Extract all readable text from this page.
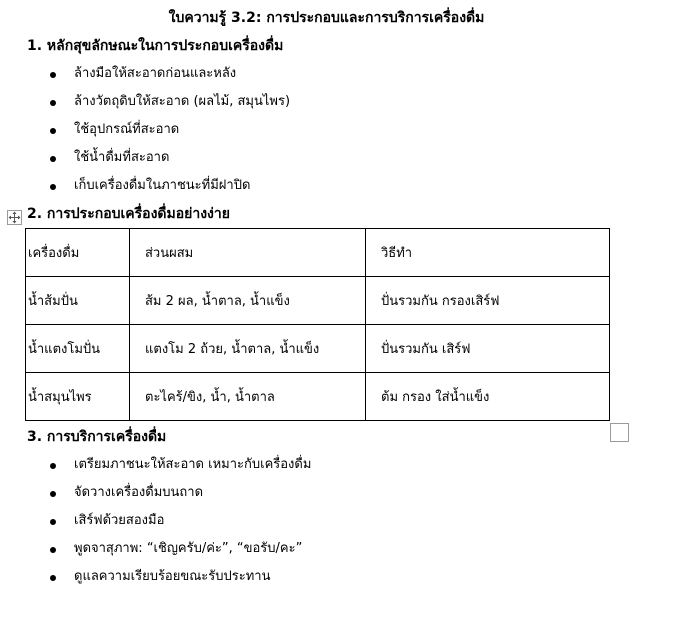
ใบความรู้ 3.2: การประกอบและการบริการเครื่องดื่ม
1. หลักสุขลักษณะในการประกอบเครื่องดื่ม
ล้างมือให้สะอาดก่อนและหลัง
ล้างวัตถุดิบให้สะอาด (ผลไม้, สมุนไพร)
ใช้อุปกรณ์ที่สะอาด
ใช้น้ำดื่มที่สะอาด
เก็บเครื่องดื่มในภาชนะที่มีฝาปิด
2. การประกอบเครื่องดื่มอย่างง่าย
เครื่องดื่ม	ส่วนผสม	วิธีทำ
น้ำส้มปั่น	ส้ม 2 ผล, น้ำตาล, น้ำแข็ง	ปั่นรวมกัน กรองเสิร์ฟ
น้ำแตงโมปั่น	แตงโม 2 ถ้วย, น้ำตาล, น้ำแข็ง	ปั่นรวมกัน เสิร์ฟ
น้ำสมุนไพร	ตะไคร้/ขิง, น้ำ, น้ำตาล	ต้ม กรอง ใส่น้ำแข็ง
3. การบริการเครื่องดื่ม
เตรียมภาชนะให้สะอาด เหมาะกับเครื่องดื่ม
จัดวางเครื่องดื่มบนถาด
เสิร์ฟด้วยสองมือ
พูดจาสุภาพ: “เชิญครับ/ค่ะ”, “ขอรับ/คะ”
ดูแลความเรียบร้อยขณะรับประทาน
